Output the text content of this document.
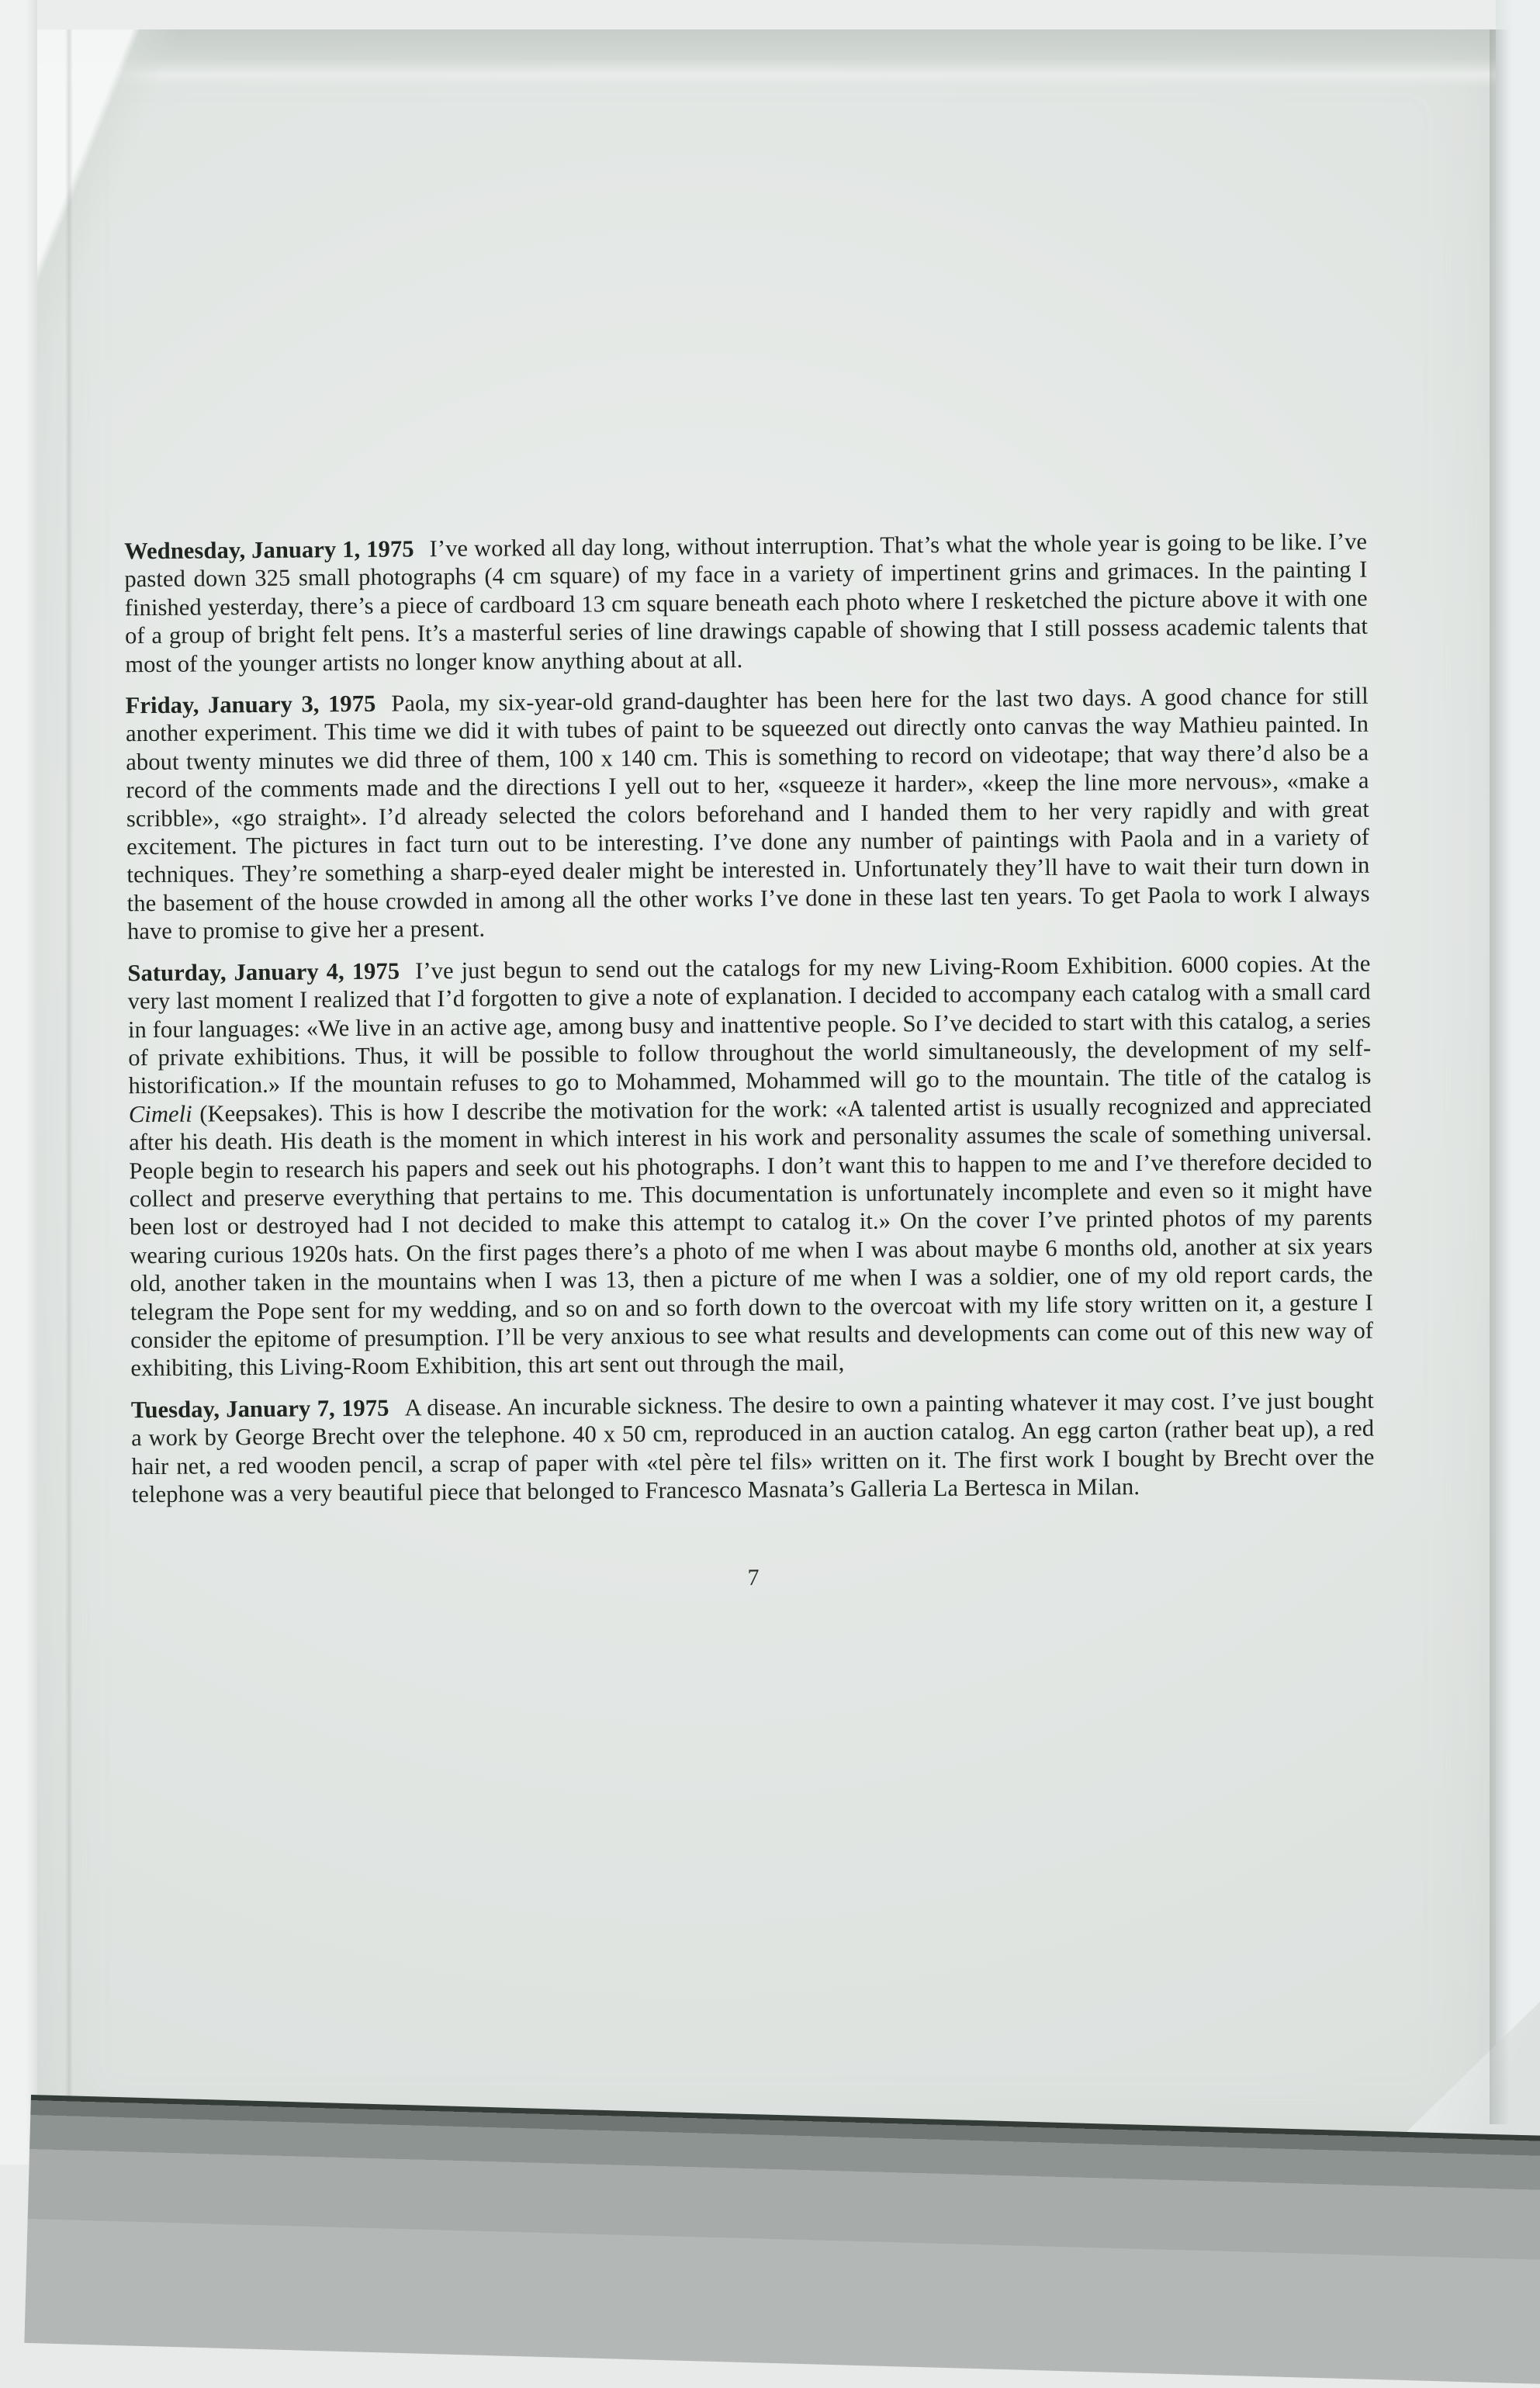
Wednesday, January 1, 1975 I’ve worked all day long, without interruption. That’s what the whole year is going to be like. I’ve pasted down 325 small photographs (4 cm square) of my face in a variety of impertinent grins and grimaces. In the painting I finished yesterday, there’s a piece of cardboard 13 cm square beneath each photo where I resketched the picture above it with one of a group of bright felt pens. It’s a masterful series of line drawings capable of showing that I still possess academic talents that most of the younger artists no longer know anything about at all.

Friday, January 3, 1975 Paola, my six-year-old grand-daughter has been here for the last two days. A good chance for still another experiment. This time we did it with tubes of paint to be squeezed out directly onto canvas the way Mathieu painted. In about twenty minutes we did three of them, 100 x 140 cm. This is something to record on videotape; that way there’d also be a record of the comments made and the directions I yell out to her, «squeeze it harder», «keep the line more nervous», «make a scribble», «go straight». I’d already selected the colors beforehand and I handed them to her very rapidly and with great excitement. The pictures in fact turn out to be interesting. I’ve done any number of paintings with Paola and in a variety of techniques. They’re something a sharp-eyed dealer might be interested in. Unfortunately they’ll have to wait their turn down in the basement of the house crowded in among all the other works I’ve done in these last ten years. To get Paola to work I always have to promise to give her a present.

Saturday, January 4, 1975 I’ve just begun to send out the catalogs for my new Living-Room Exhibition. 6000 copies. At the very last moment I realized that I’d forgotten to give a note of explanation. I decided to accompany each catalog with a small card in four languages: «We live in an active age, among busy and inattentive people. So I’ve decided to start with this catalog, a series of private exhibitions. Thus, it will be possible to follow throughout the world simultaneously, the development of my self-historification.» If the mountain refuses to go to Mohammed, Mohammed will go to the mountain. The title of the catalog is Cimeli (Keepsakes). This is how I describe the motivation for the work: «A talented artist is usually recognized and appreciated after his death. His death is the moment in which interest in his work and personality assumes the scale of something universal. People begin to research his papers and seek out his photographs. I don’t want this to happen to me and I’ve therefore decided to collect and preserve everything that pertains to me. This documentation is unfortunately incomplete and even so it might have been lost or destroyed had I not decided to make this attempt to catalog it.» On the cover I’ve printed photos of my parents wearing curious 1920s hats. On the first pages there’s a photo of me when I was about maybe 6 months old, another at six years old, another taken in the mountains when I was 13, then a picture of me when I was a soldier, one of my old report cards, the telegram the Pope sent for my wedding, and so on and so forth down to the overcoat with my life story written on it, a gesture I consider the epitome of presumption. I’ll be very anxious to see what results and developments can come out of this new way of exhibiting, this Living-Room Exhibition, this art sent out through the mail,

Tuesday, January 7, 1975 A disease. An incurable sickness. The desire to own a painting whatever it may cost. I’ve just bought a work by George Brecht over the telephone. 40 x 50 cm, reproduced in an auction catalog. An egg carton (rather beat up), a red hair net, a red wooden pencil, a scrap of paper with «tel père tel fils» written on it. The first work I bought by Brecht over the telephone was a very beautiful piece that belonged to Francesco Masnata’s Galleria La Bertesca in Milan.

7
